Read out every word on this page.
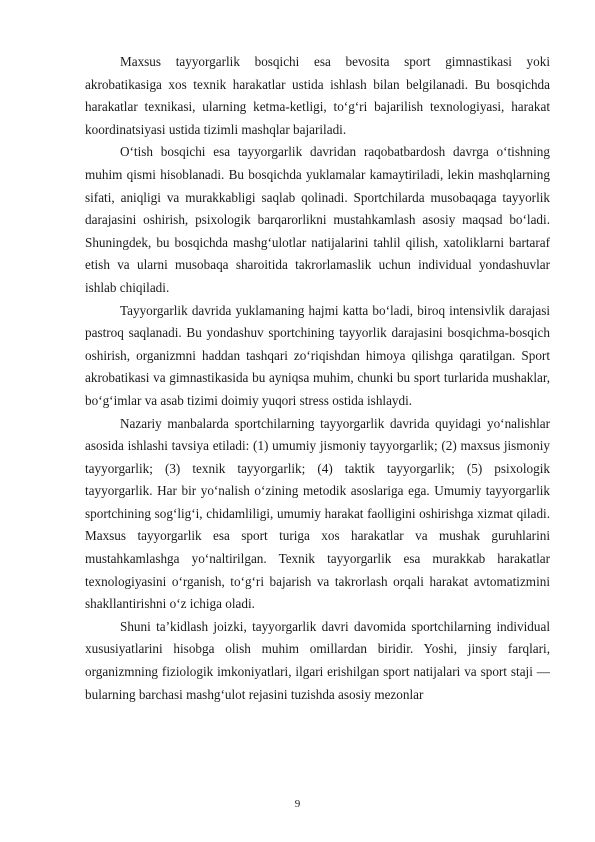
Maxsus tayyorgarlik bosqichi esa bevosita sport gimnastikasi yoki akrobatikasiga xos texnik harakatlar ustida ishlash bilan belgilanadi. Bu bosqichda harakatlar texnikasi, ularning ketma-ketligi, to‘g‘ri bajarilish texnologiyasi, harakat koordinatsiyasi ustida tizimli mashqlar bajariladi.

O‘tish bosqichi esa tayyorgarlik davridan raqobatbardosh davrga o‘tishning muhim qismi hisoblanadi. Bu bosqichda yuklamalar kamaytiriladi, lekin mashqlarning sifati, aniqligi va murakkabligi saqlab qolinadi. Sportchilarda musobaqaga tayyorlik darajasini oshirish, psixologik barqarorlikni mustahkamlash asosiy maqsad bo‘ladi. Shuningdek, bu bosqichda mashg‘ulotlar natijalarini tahlil qilish, xatoliklarni bartaraf etish va ularni musobaqa sharoitida takrorlamaslik uchun individual yondashuvlar ishlab chiqiladi.

Tayyorgarlik davrida yuklamaning hajmi katta bo‘ladi, biroq intensivlik darajasi pastroq saqlanadi. Bu yondashuv sportchining tayyorlik darajasini bosqichma-bosqich oshirish, organizmni haddan tashqari zo‘riqishdan himoya qilishga qaratilgan. Sport akrobatikasi va gimnastikasida bu ayniqsa muhim, chunki bu sport turlarida mushaklar, bo‘g‘imlar va asab tizimi doimiy yuqori stress ostida ishlaydi.

Nazariy manbalarda sportchilarning tayyorgarlik davrida quyidagi yo‘nalishlar asosida ishlashi tavsiya etiladi: (1) umumiy jismoniy tayyorgarlik; (2) maxsus jismoniy tayyorgarlik; (3) texnik tayyorgarlik; (4) taktik tayyorgarlik; (5) psixologik tayyorgarlik. Har bir yo‘nalish o‘zining metodik asoslariga ega. Umumiy tayyorgarlik sportchining sog‘lig‘i, chidamliligi, umumiy harakat faolligini oshirishga xizmat qiladi. Maxsus tayyorgarlik esa sport turiga xos harakatlar va mushak guruhlarini mustahkamlashga yo‘naltirilgan. Texnik tayyorgarlik esa murakkab harakatlar texnologiyasini o‘rganish, to‘g‘ri bajarish va takrorlash orqali harakat avtomatizmini shakllantirishni o‘z ichiga oladi.

Shuni ta’kidlash joizki, tayyorgarlik davri davomida sportchilarning individual xususiyatlarini hisobga olish muhim omillardan biridir. Yoshi, jinsiy farqlari, organizmning fiziologik imkoniyatlari, ilgari erishilgan sport natijalari va sport staji — bularning barchasi mashg‘ulot rejasini tuzishda asosiy mezonlar

9
